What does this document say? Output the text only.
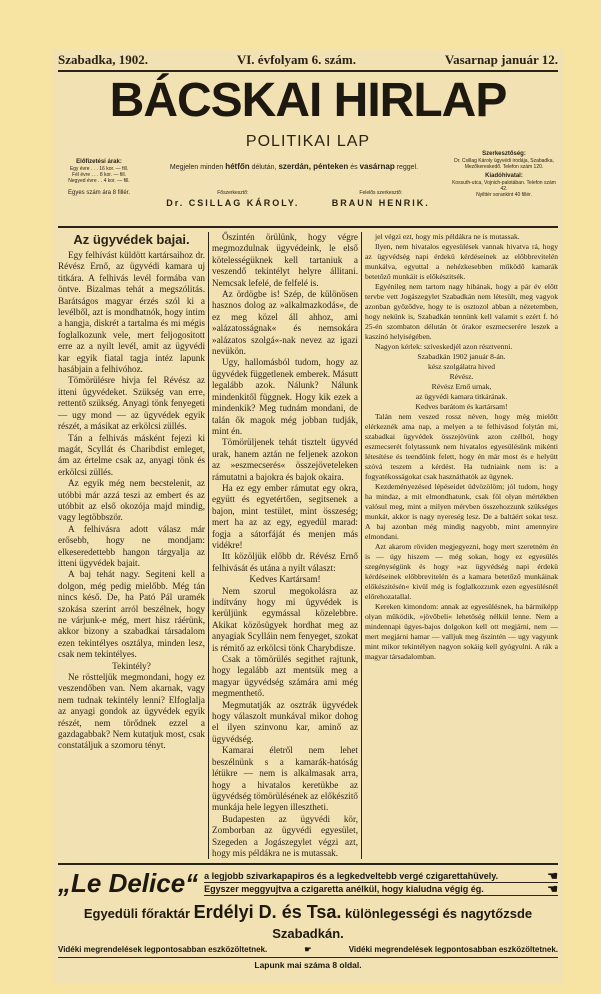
Szabadka, 1902.	VI. évfolyam 6. szám.	Vasarnap január 12.
BÁCSKAI HIRLAP
POLITIKAI LAP
Előfizetési árak:
Egy évre . . . 16 kor. — fill.
Fél évre . . . 8 kor. — fill.
Negyed évre . . 4 kor. — fill.
Egyes szám ára 8 fillér.
Szerkesztőség:
Dr. Csillag Károly ügyvédi irodája, Szabadka, Mezőkereskedő. Telefon szám 120.
Kiadóhivatal:
Kossuth-utca, Vojnich-palotában. Telefon szám 42.
Nyilttér sorankint 40 fillér.
Megjelen minden hétfőn délután, szerdán, pénteken és vasárnap reggel.
Főszerkesztő:
Dr. CSILLAG KÁROLY.
Felelős szerkesztő:
BRAUN HENRIK.
Az ügyvédek bajai.

Egy felhívást küldött kartársaihoz dr. Révész Ernő, az ügyvédi kamara uj titkára. A felhivás levél formába van öntve. Bizalmas tehát a megszólitás. Barátságos magyar érzés szól ki a levélből, azt is mondhatnók, hogy intim a hangja, diskrét a tartalma és mi mégis foglalkozunk vele, mert feljogositott erre az a nyilt levél, amit az ügyvédi kar egyik fiatal tagja intéz lapunk hasábjain a felhivóhoz.

Tömörülésre hivja fel Révész az itteni ügyvédeket. Szükség van erre, rettentő szükség. Anyagi tönk fenyegeti — ugy mond — az ügyvédek egyik részét, a másikat az erkölcsi züllés.

Tán a felhivás másként fejezi ki magát, Scyllát és Charibdist emleget, ám az értelme csak az, anyagi tönk és erkölcsi züllés.

Az egyik még nem becstelenit, az utóbbi már azzá teszi az embert és az utóbbit az első okozója majd mindig, vagy legtöbbször.

A felhivásra adott válasz már erősebb, hogy ne mondjam: elkeseredettebb hangon tárgyalja az itteni ügyvédek bajait.

A baj tehát nagy. Segiteni kell a dolgon, még pedig mielőbb. Még tán nincs késő. De, ha Pató Pál uramék szokása szerint arról beszélnek, hogy ne várjunk-e még, mert hisz ráérünk, akkor bizony a szabadkai társadalom ezen tekintélyes osztálya, minden lesz, csak nem tekintélyes.

Tekintély?

Ne röstteljük megmondani, hogy ez veszendőben van. Nem akarnak, vagy nem tudnak tekintély lenni? Elfoglalja az anyagi gondok az ügyvédek egyik részét, nem törődnek ezzel a gazdagabbak? Nem kutatjuk most, csak constatáljuk a szomoru tényt.

Őszintén örülünk, hogy végre megmozdulnak ügyvédeink, le első kötelességüknek kell tartaniuk a veszendő tekintélyt helyre állitani. Nemcsak lefelé, de felfelé is.

Az ördögbe is! Szép, de különösen hasznos dolog az »alkalmazkodás«, de ez meg közel áll ahhoz, ami »alázatosságnak« és nemsokára »alázatos szolgá«-nak nevez az igazi nevükön.

Ugy, hallomásból tudom, hogy az ügyvédek függetlenek emberek. Másutt legalább azok. Nálunk? Nálunk mindenkitől függnek. Hogy kik ezek a mindenkik? Meg tudnám mondani, de talán ők magok még jobban tudják, mint én.

Tömörüljenek tehát tisztelt ügyvéd urak, hanem aztán ne feljenek azokon az »eszmecserés« összejöveteleken rámutatni a bajokra és bajok okaira.

Ha ez egy ember rámutat egy okra, együtt és egyetértően, segitsenek a bajon, mint testület, mint összeség; mert ha az az egy, egyedül marad: fogja a sátorfáját és menjen más vidékre!

Itt közöljük előbb dr. Révész Ernő felhivását és utána a nyilt választ:

Kedves Kartársam!

Nem szorul megokolásra az indítvány hogy mi ügyvédek is kerüljünk egymással közelebbre. Akikat közösügyek hordhat meg az anyagiak Scylláin nem fenyeget, szokat is rémitő az erkölcsi tönk Charybdisze.

Csak a tömörülés segithet rajtunk, hogy legalább azt mentsük meg a magyar ügyvédség számára ami még megmenthető.

Megmutatják az osztrák ügyvédek hogy válaszolt munkával mikor dohog el ilyen szinvonu kar, aminő az ügyvédség.

Kamarai életről nem lehet beszélnünk s a kamarák-hatóság létükre — nem is alkalmasak arra, hogy a hivatalos keretükbe az ügyvédség tömörülésének az előkészitő munkája hele legyen illesztheti.

Budapesten az ügyvédi kör, Zomborban az ügyvédi egyesület, Szegeden a Jogászegylet végzi azt, hogy mis példákra ne is mutassak.

jel végzi ezt, hogy mis példákra ne is mutassak.

Ilyen, nem hivatalos egyesülések vannak hivatva rá, hogy az ügyvédség napi érdekü kérdéseinek az előbbrevitelén munkálva, egyuttal a nehézkesebben működő kamarák betetőző munkáit is előkészitsék.

Egyénileg nem tartom nagy hibának, hogy a pár év előtt tervbe vett Jogászegylet Szabadkán nem létesült, meg vagyok azonban győződve, hogy te is osztozol abban a nézetemben, hogy nekünk is, Szabadkán tennünk kell valamit s ezért f. hó 25-én szombaton délután öt órakor eszmecserére leszek a kaszinó helyiségében.

Nagyon kérlek: szíveskedjél azon résztvenni.

Szabadkán 1902 január 8-án.

kész szolgálatra hived

Révész.

Révész Ernő urnak,

az ügyvédi kamara titkárának.

Kedves barátom és kartársam!

Talán nem veszed rossz néven, hogy még mielőtt elérkeznék ama nap, a melyen a te felhivásod folytán mi, szabadkai ügyvédek összejövünk azon czélból, hogy eszmecserét folytassunk nem hivatalos egyesülésünk mikénti létesítése és teendőink felett, hogy én már most és e helyütt szóvá teszem a kérdést. Ha tudniaink nem is: a fogyatékosságokat csak hasznáthatók az ügynek.

Kezdeményezésed lépéseidet üdvözölöm; jól tudom, hogy ha mindaz, a mit elmondhatunk, csak föl olyan mértékben valósul meg, mint a milyen mérvben összehozzunk szükséges munkát, akkor is nagy nyereség lesz. De a baltáért sokat tesz. A baj azonban még mindig nagyobb, mint amennyire elmondani.

Azt akarom röviden megjegyezni, hogy mert szeretném én is — úgy hiszem — még sokan, hogy ez egyesülés szegénységünk és hogy »az ügyvédség napi érdekü kérdéseinek előbbrevitelén és a kamara betetőző munkáinak előkészitésén« kivül még is foglalkozzunk ezen egyesülésnél előrehozatallal.

Kereken kimondom: annak az egyesülésnek, ha bármiképp olyan működik, »jövőbeli« lehetőség nélkül lenne. Nem a mindennapi ügyes-bajos dolgokon kell ott megjárni, nem — mert megjárni hamar — valljuk meg őszintén — ugy vagyunk mint mikor tekintélyen nagyon sokáig kell gyógyulni. A rák a magyar társadalomban.

„Le Delice“ a legjobb szivarkapapiros és a legkedveltebb vergé czigarettahüvely.	☚
Egyszer meggyujtva a czigaretta anélkül, hogy kialudna végig ég.	☚
Egyedüli főraktár Erdélyi D. és Tsa. különlegességi és nagytőzsde Szabadkán.
Vidéki megrendelések legpontosabban eszközöltetnek.	☛	Vidéki megrendelések legpontosabban eszközöltetnek.
Lapunk mai száma 8 oldal.
